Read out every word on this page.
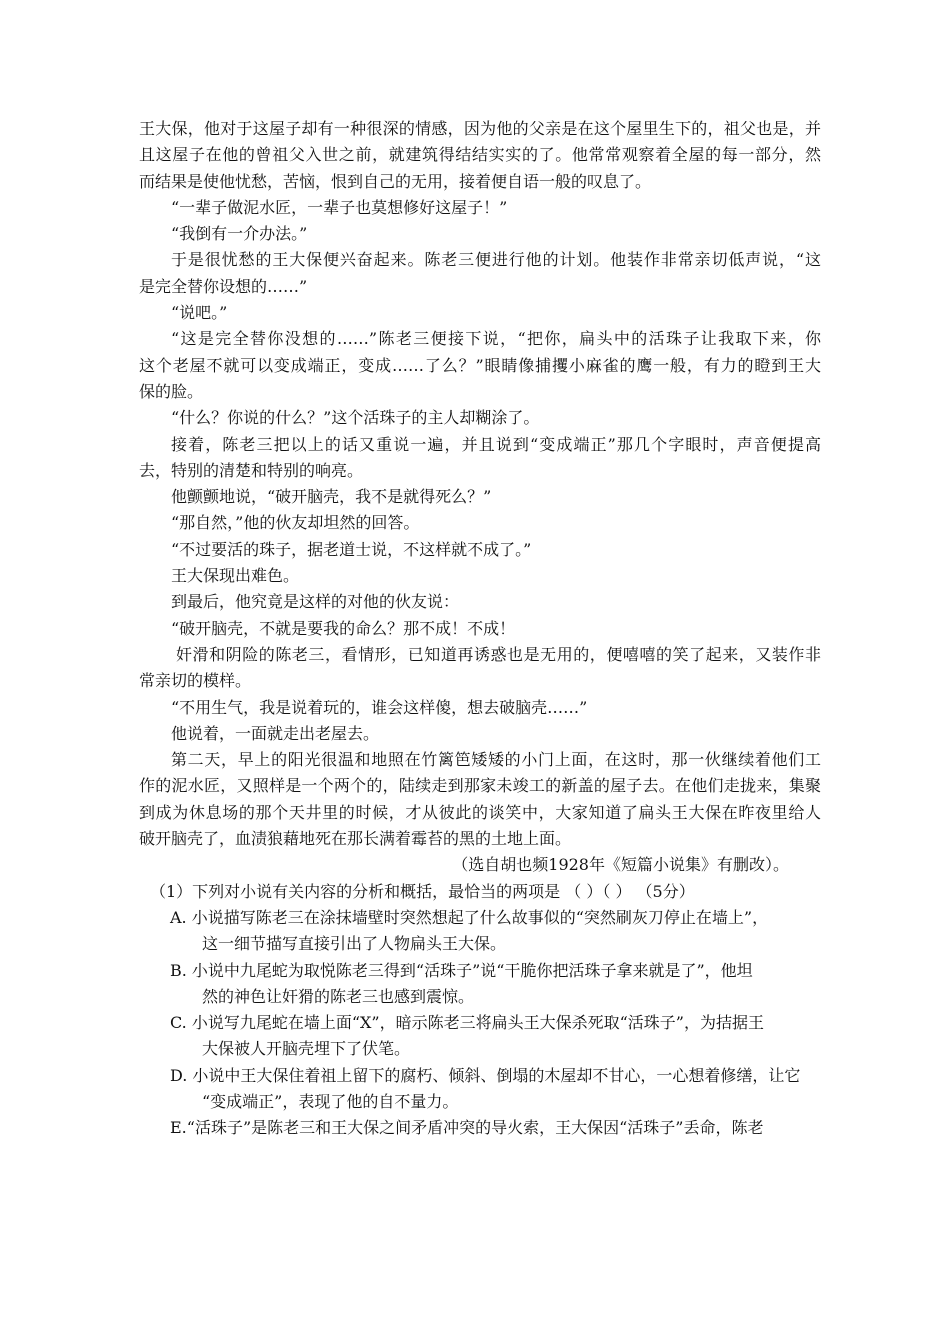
王大保，他对于这屋子却有一种很深的情感，因为他的父亲是在这个屋里生下的，祖父也是，并
且这屋子在他的曾祖父入世之前，就建筑得结结实实的了。他常常观察着全屋的每一部分，然
而结果是使他忧愁，苦恼，恨到自己的无用，接着便自语一般的叹息了。
“一辈子做泥水匠，一辈子也莫想修好这屋子！”
“我倒有一介办法。”
于是很忧愁的王大保便兴奋起来。陈老三便进行他的计划。他装作非常亲切低声说，“这
是完全替你设想的……”
“说吧。”
“这是完全替你没想的……”陈老三便接下说，“把你，扁头中的活珠子让我取下来，你
这个老屋不就可以变成端正，变成……了么？”眼睛像捕攫小麻雀的鹰一般，有力的瞪到王大
保的脸。
“什么？你说的什么？”这个活珠子的主人却糊涂了。
接着，陈老三把以上的话又重说一遍，并且说到“变成端正”那几个字眼时，声音便提高
去，特别的清楚和特别的响亮。
他颤颤地说，“破开脑壳，我不是就得死么？”
“那自然，”他的伙友却坦然的回答。
“不过要活的珠子，据老道士说，不这样就不成了。”
王大保现出难色。
到最后，他究竟是这样的对他的伙友说：
“破开脑壳，不就是要我的命么？那不成！不成！
奸滑和阴险的陈老三，看情形，已知道再诱惑也是无用的，便嘻嘻的笑了起来，又装作非
常亲切的模样。
“不用生气，我是说着玩的，谁会这样傻，想去破脑壳……”
他说着，一面就走出老屋去。
第二天，早上的阳光很温和地照在竹篱笆矮矮的小门上面，在这时，那一伙继续着他们工
作的泥水匠，又照样是一个两个的，陆续走到那家未竣工的新盖的屋子去。在他们走拢来，集聚
到成为休息场的那个天井里的时候，才从彼此的谈笑中，大家知道了扁头王大保在昨夜里给人
破开脑壳了，血渍狼藉地死在那长满着霉苔的黑的土地上面。
（选自胡也频1928年《短篇小说集》有删改）。
（1）下列对小说有关内容的分析和概括，最恰当的两项是 （ ）（ ） （5分）
A. 小说描写陈老三在涂抹墙壁时突然想起了什么故事似的“突然刷灰刀停止在墙上”，
这一细节描写直接引出了人物扁头王大保。
B. 小说中九尾蛇为取悦陈老三得到“活珠子”说“干脆你把活珠子拿来就是了”，他坦
然的神色让奸猾的陈老三也感到震惊。
C. 小说写九尾蛇在墙上面“X”，暗示陈老三将扁头王大保杀死取“活珠子”，为拮据王
大保被人开脑壳埋下了伏笔。
D. 小说中王大保住着祖上留下的腐朽、倾斜、倒塌的木屋却不甘心，一心想着修缮，让它
“变成端正”，表现了他的自不量力。
E.“活珠子”是陈老三和王大保之间矛盾冲突的导火索，王大保因“活珠子”丢命，陈老
